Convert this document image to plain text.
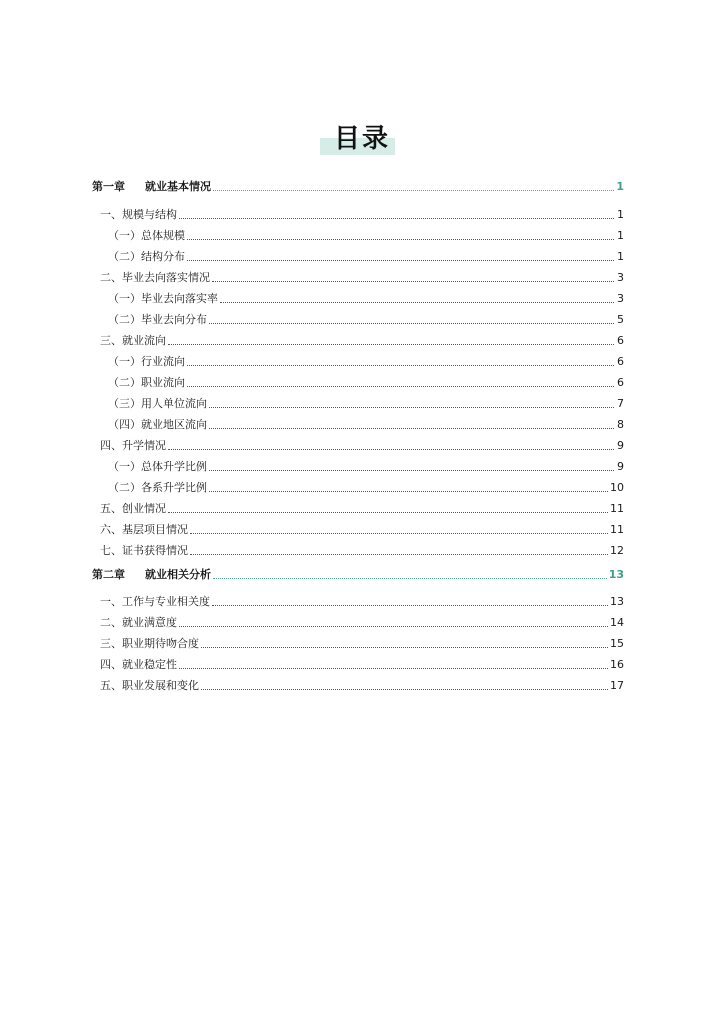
目录
第一章 就业基本情况	1
一、规模与结构	1
（一）总体规模	1
（二）结构分布	1
二、毕业去向落实情况	3
（一）毕业去向落实率	3
（二）毕业去向分布	5
三、就业流向	6
（一）行业流向	6
（二）职业流向	6
（三）用人单位流向	7
（四）就业地区流向	8
四、升学情况	9
（一）总体升学比例	9
（二）各系升学比例	10
五、创业情况	11
六、基层项目情况	11
七、证书获得情况	12
第二章 就业相关分析	13
一、工作与专业相关度	13
二、就业满意度	14
三、职业期待吻合度	15
四、就业稳定性	16
五、职业发展和变化	17
